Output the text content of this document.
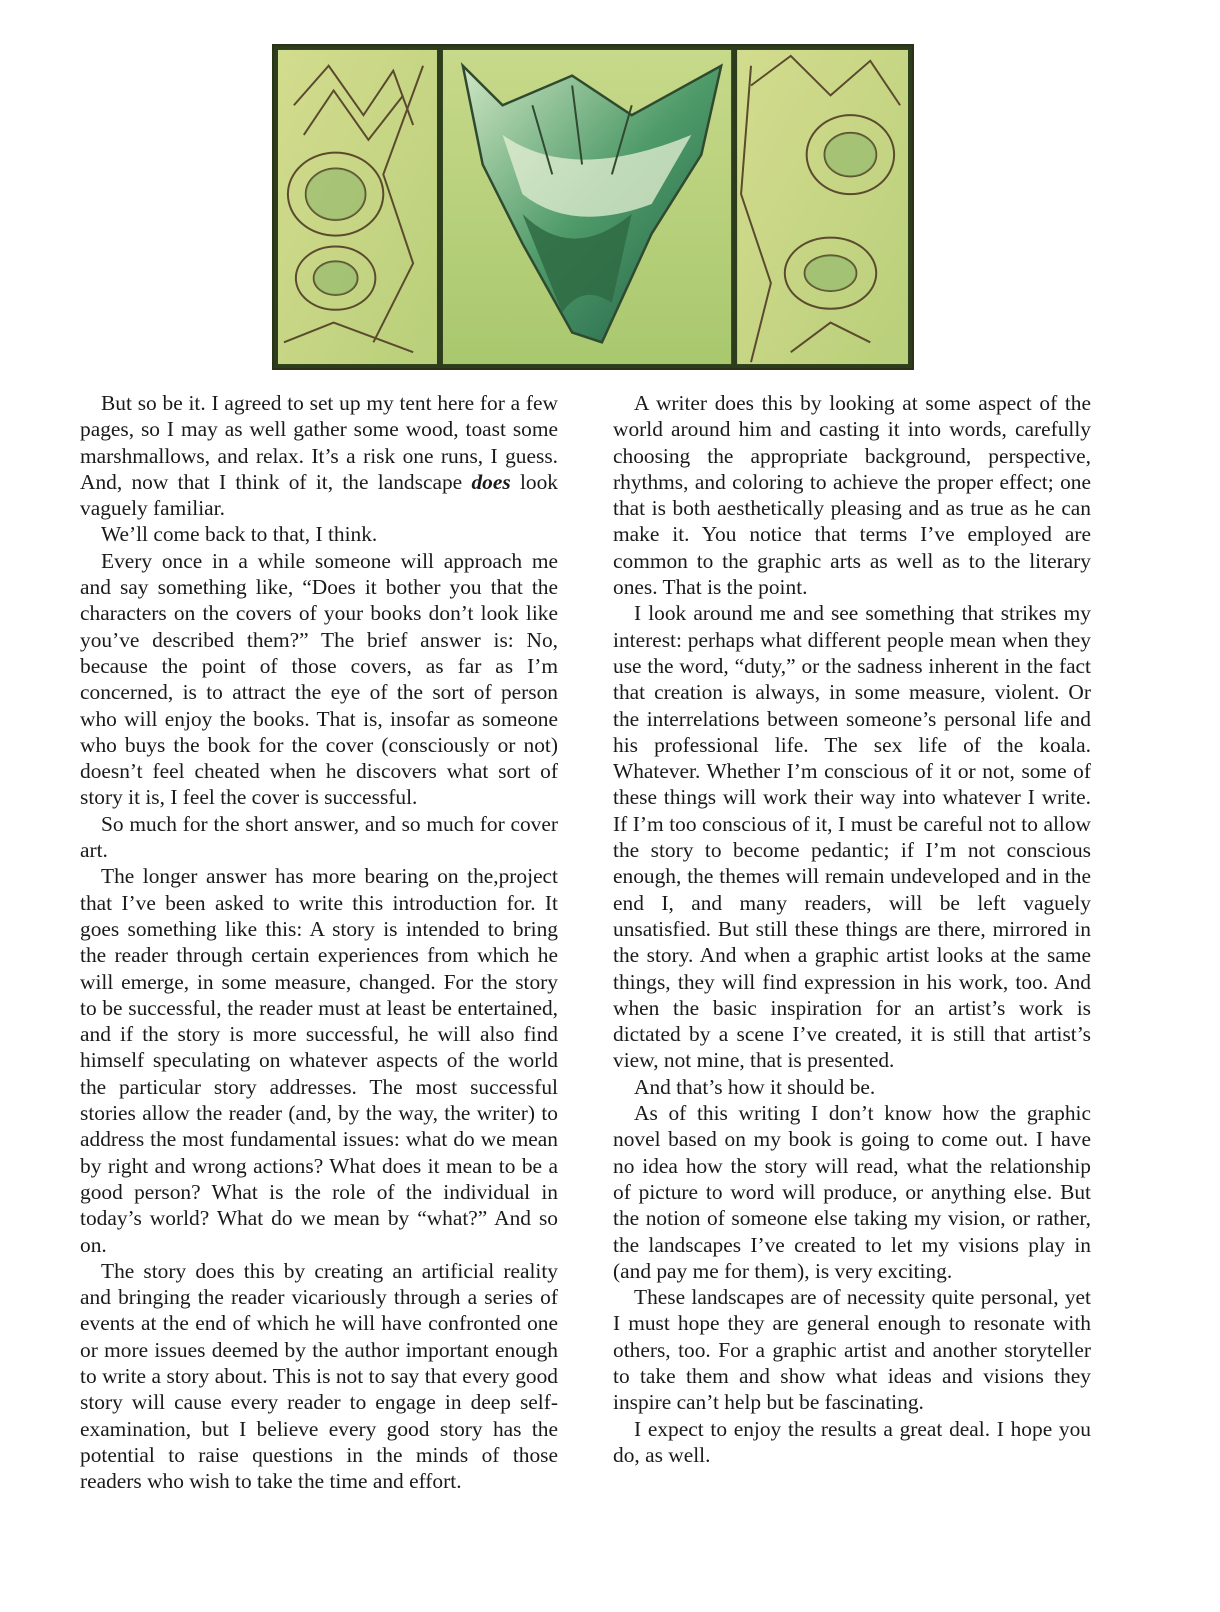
But so be it. I agreed to set up my tent here for a few pages, so I may as well gather some wood, toast some marshmallows, and relax. It’s a risk one runs, I guess. And, now that I think of it, the landscape does look vaguely familiar.

We’ll come back to that, I think.

Every once in a while someone will approach me and say something like, “Does it bother you that the characters on the covers of your books don’t look like you’ve described them?” The brief answer is: No, because the point of those covers, as far as I’m concerned, is to attract the eye of the sort of person who will enjoy the books. That is, insofar as someone who buys the book for the cover (consciously or not) doesn’t feel cheated when he discovers what sort of story it is, I feel the cover is successful.

So much for the short answer, and so much for cover art.

The longer answer has more bearing on the,project that I’ve been asked to write this introduction for. It goes something like this: A story is intended to bring the reader through certain experiences from which he will emerge, in some measure, changed. For the story to be successful, the reader must at least be entertained, and if the story is more successful, he will also find himself speculating on whatever aspects of the world the particular story addresses. The most successful stories allow the reader (and, by the way, the writer) to address the most fundamental issues: what do we mean by right and wrong actions? What does it mean to be a good person? What is the role of the individual in today’s world? What do we mean by “what?” And so on.

The story does this by creating an artificial reality and bringing the reader vicariously through a series of events at the end of which he will have confronted one or more issues deemed by the author important enough to write a story about. This is not to say that every good story will cause every reader to engage in deep self-examination, but I believe every good story has the potential to raise questions in the minds of those readers who wish to take the time and effort.

A writer does this by looking at some aspect of the world around him and casting it into words, carefully choosing the appropriate background, perspective, rhythms, and coloring to achieve the proper effect; one that is both aesthetically pleasing and as true as he can make it. You notice that terms I’ve employed are common to the graphic arts as well as to the literary ones. That is the point.

I look around me and see something that strikes my interest: perhaps what different people mean when they use the word, “duty,” or the sadness inherent in the fact that creation is always, in some measure, violent. Or the interrelations between someone’s personal life and his professional life. The sex life of the koala. Whatever. Whether I’m conscious of it or not, some of these things will work their way into whatever I write. If I’m too conscious of it, I must be careful not to allow the story to become pedantic; if I’m not conscious enough, the themes will remain undeveloped and in the end I, and many readers, will be left vaguely unsatisfied. But still these things are there, mirrored in the story. And when a graphic artist looks at the same things, they will find expression in his work, too. And when the basic inspiration for an artist’s work is dictated by a scene I’ve created, it is still that artist’s view, not mine, that is presented.

And that’s how it should be.

As of this writing I don’t know how the graphic novel based on my book is going to come out. I have no idea how the story will read, what the relationship of picture to word will produce, or anything else. But the notion of someone else taking my vision, or rather, the landscapes I’ve created to let my visions play in (and pay me for them), is very exciting.

These landscapes are of necessity quite personal, yet I must hope they are general enough to resonate with others, too. For a graphic artist and another storyteller to take them and show what ideas and visions they inspire can’t help but be fascinating.

I expect to enjoy the results a great deal. I hope you do, as well.
